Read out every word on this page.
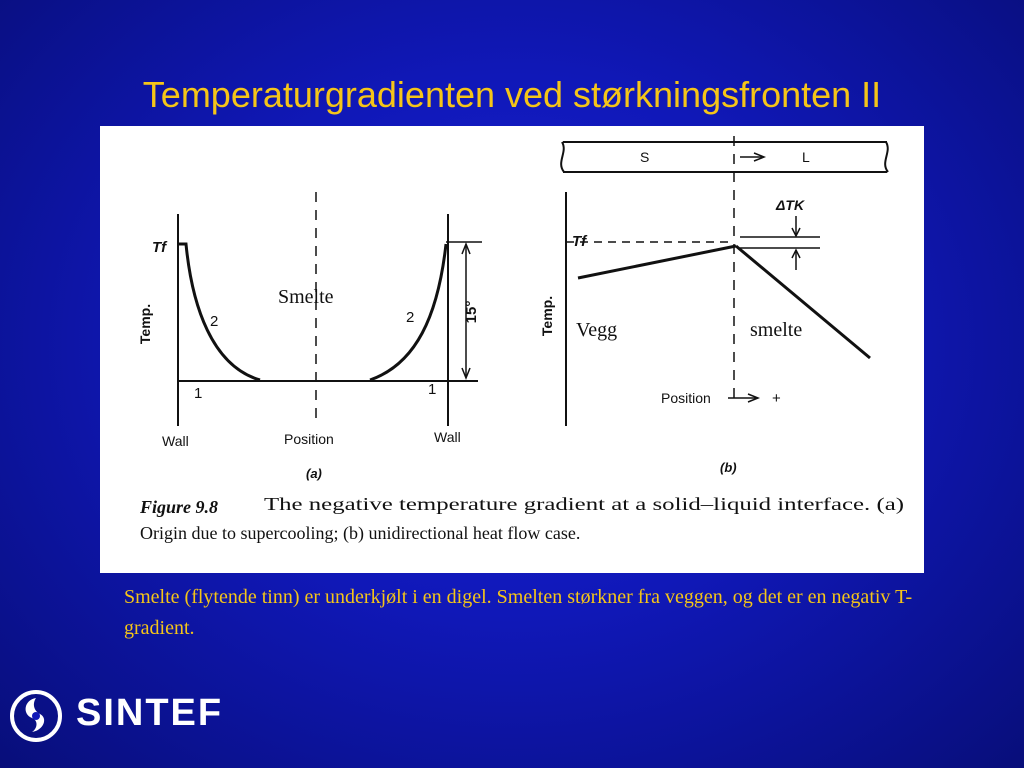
Temperaturgradienten ved størkningsfronten II
Tf
Temp.	2	2
1	1
15°
Wall	Wall
Position
(a)
Smelte
S	L
ΔTK
Tf
Temp.
Position	+
(b)
Vegg	smelte
Figure 9.8	The negative temperature gradient at a solid–liquid interface. (a)
Origin due to supercooling; (b) unidirectional heat flow case.
Smelte (flytende tinn) er underkjølt i en digel. Smelten størkner fra veggen, og det er en negativ T-gradient.
SINTEF
